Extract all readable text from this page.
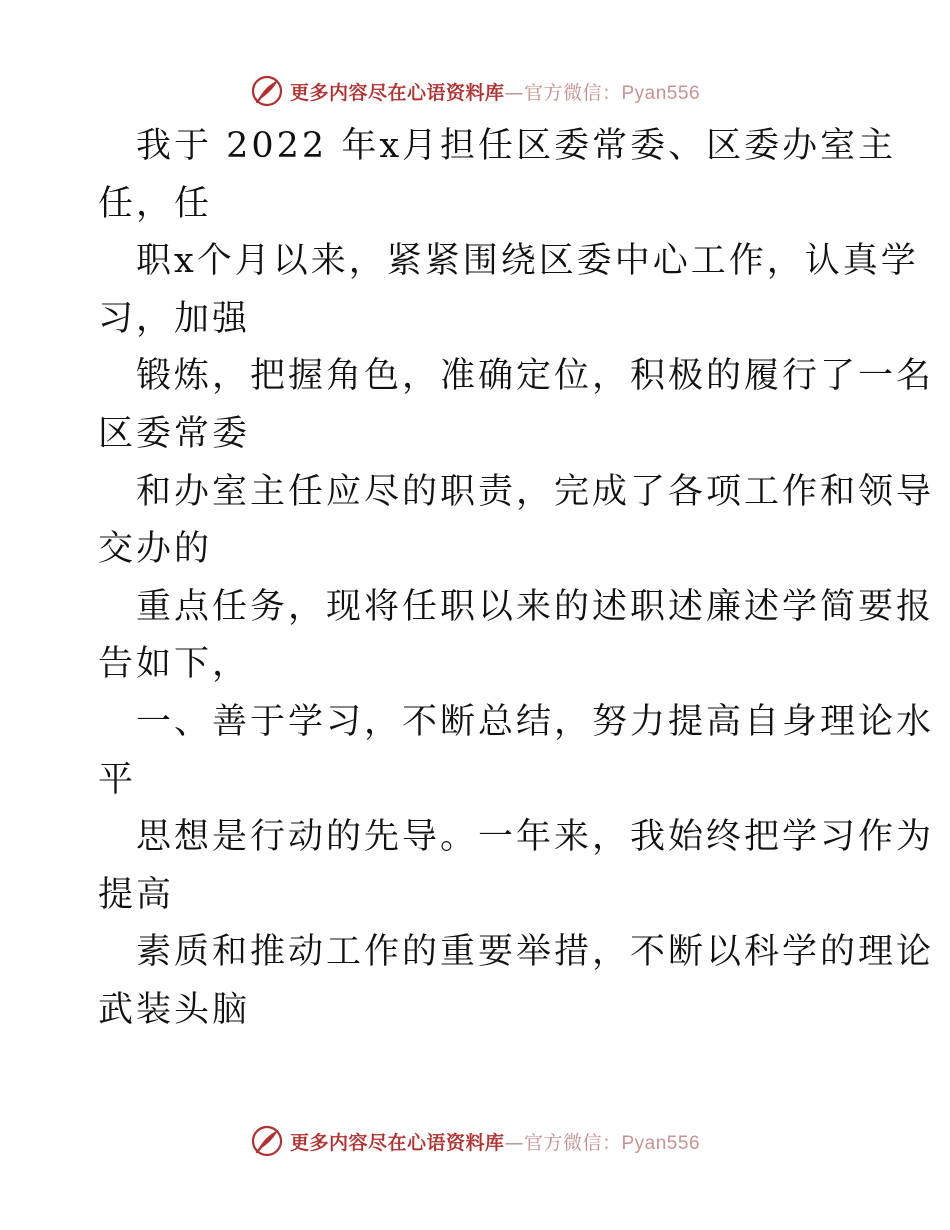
更多内容尽在心语资料库—官方微信：Pyan556
我于 2022 年x月担任区委常委、区委办室主
任，任
职x个月以来，紧紧围绕区委中心工作，认真学
习，加强
锻炼，把握角色，准确定位，积极的履行了一名
区委常委
和办室主任应尽的职责，完成了各项工作和领导
交办的
重点任务，现将任职以来的述职述廉述学简要报
告如下，
一、善于学习，不断总结，努力提高自身理论水
平
思想是行动的先导。一年来，我始终把学习作为
提高
素质和推动工作的重要举措，不断以科学的理论
武装头脑
更多内容尽在心语资料库—官方微信：Pyan556
